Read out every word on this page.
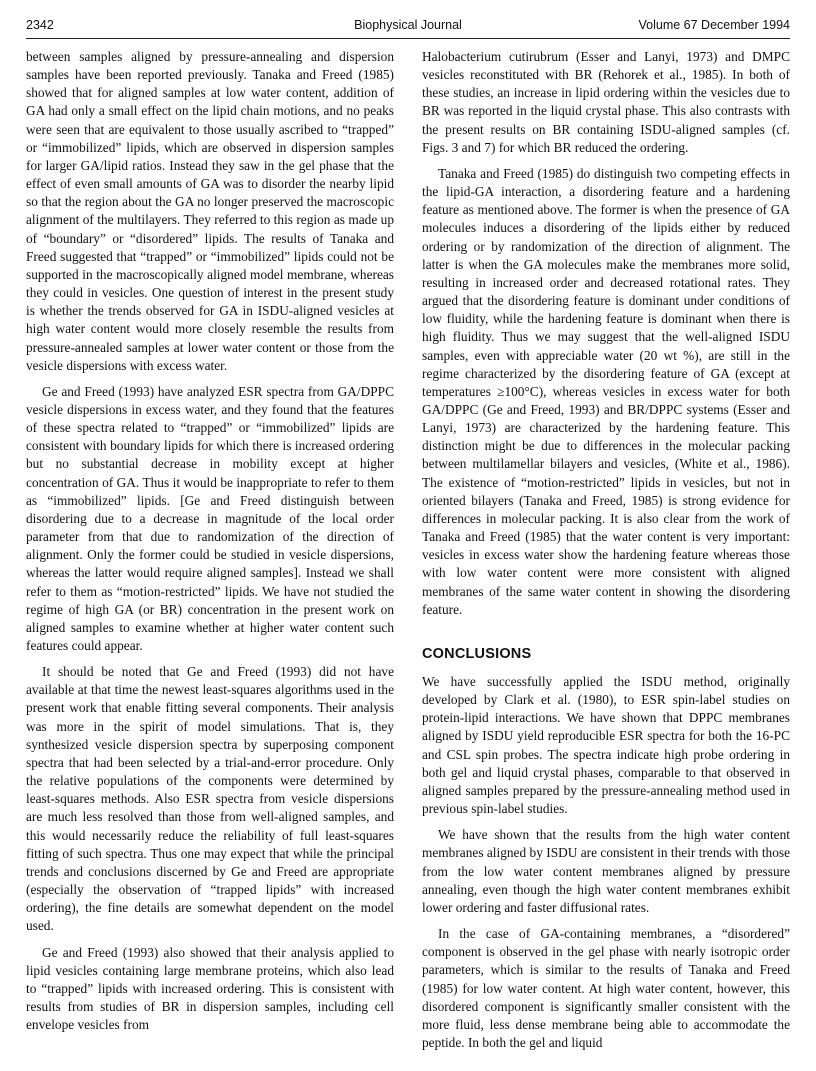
2342	Biophysical Journal	Volume 67 December 1994

between samples aligned by pressure-annealing and dispersion samples have been reported previously. Tanaka and Freed (1985) showed that for aligned samples at low water content, addition of GA had only a small effect on the lipid chain motions, and no peaks were seen that are equivalent to those usually ascribed to “trapped” or “immobilized” lipids, which are observed in dispersion samples for larger GA/lipid ratios. Instead they saw in the gel phase that the effect of even small amounts of GA was to disorder the nearby lipid so that the region about the GA no longer preserved the macroscopic alignment of the multilayers. They referred to this region as made up of “boundary” or “disordered” lipids. The results of Tanaka and Freed suggested that “trapped” or “immobilized” lipids could not be supported in the macroscopically aligned model membrane, whereas they could in vesicles. One question of interest in the present study is whether the trends observed for GA in ISDU-aligned vesicles at high water content would more closely resemble the results from pressure-annealed samples at lower water content or those from the vesicle dispersions with excess water.

Ge and Freed (1993) have analyzed ESR spectra from GA/DPPC vesicle dispersions in excess water, and they found that the features of these spectra related to “trapped” or “immobilized” lipids are consistent with boundary lipids for which there is increased ordering but no substantial decrease in mobility except at higher concentration of GA. Thus it would be inappropriate to refer to them as “immobilized” lipids. [Ge and Freed distinguish between disordering due to a decrease in magnitude of the local order parameter from that due to randomization of the direction of alignment. Only the former could be studied in vesicle dispersions, whereas the latter would require aligned samples]. Instead we shall refer to them as “motion-restricted” lipids. We have not studied the regime of high GA (or BR) concentration in the present work on aligned samples to examine whether at higher water content such features could appear.

It should be noted that Ge and Freed (1993) did not have available at that time the newest least-squares algorithms used in the present work that enable fitting several components. Their analysis was more in the spirit of model simulations. That is, they synthesized vesicle dispersion spectra by superposing component spectra that had been selected by a trial-and-error procedure. Only the relative populations of the components were determined by least-squares methods. Also ESR spectra from vesicle dispersions are much less resolved than those from well-aligned samples, and this would necessarily reduce the reliability of full least-squares fitting of such spectra. Thus one may expect that while the principal trends and conclusions discerned by Ge and Freed are appropriate (especially the observation of “trapped lipids” with increased ordering), the fine details are somewhat dependent on the model used.

Ge and Freed (1993) also showed that their analysis applied to lipid vesicles containing large membrane proteins, which also lead to “trapped” lipids with increased ordering. This is consistent with results from studies of BR in dispersion samples, including cell envelope vesicles from

Halobacterium cutirubrum (Esser and Lanyi, 1973) and DMPC vesicles reconstituted with BR (Rehorek et al., 1985). In both of these studies, an increase in lipid ordering within the vesicles due to BR was reported in the liquid crystal phase. This also contrasts with the present results on BR containing ISDU-aligned samples (cf. Figs. 3 and 7) for which BR reduced the ordering.

Tanaka and Freed (1985) do distinguish two competing effects in the lipid-GA interaction, a disordering feature and a hardening feature as mentioned above. The former is when the presence of GA molecules induces a disordering of the lipids either by reduced ordering or by randomization of the direction of alignment. The latter is when the GA molecules make the membranes more solid, resulting in increased order and decreased rotational rates. They argued that the disordering feature is dominant under conditions of low fluidity, while the hardening feature is dominant when there is high fluidity. Thus we may suggest that the well-aligned ISDU samples, even with appreciable water (20 wt %), are still in the regime characterized by the disordering feature of GA (except at temperatures ≥100°C), whereas vesicles in excess water for both GA/DPPC (Ge and Freed, 1993) and BR/DPPC systems (Esser and Lanyi, 1973) are characterized by the hardening feature. This distinction might be due to differences in the molecular packing between multilamellar bilayers and vesicles, (White et al., 1986). The existence of “motion-restricted” lipids in vesicles, but not in oriented bilayers (Tanaka and Freed, 1985) is strong evidence for differences in molecular packing. It is also clear from the work of Tanaka and Freed (1985) that the water content is very important: vesicles in excess water show the hardening feature whereas those with low water content were more consistent with aligned membranes of the same water content in showing the disordering feature.

CONCLUSIONS

We have successfully applied the ISDU method, originally developed by Clark et al. (1980), to ESR spin-label studies on protein-lipid interactions. We have shown that DPPC membranes aligned by ISDU yield reproducible ESR spectra for both the 16-PC and CSL spin probes. The spectra indicate high probe ordering in both gel and liquid crystal phases, comparable to that observed in aligned samples prepared by the pressure-annealing method used in previous spin-label studies.

We have shown that the results from the high water content membranes aligned by ISDU are consistent in their trends with those from the low water content membranes aligned by pressure annealing, even though the high water content membranes exhibit lower ordering and faster diffusional rates.

In the case of GA-containing membranes, a “disordered” component is observed in the gel phase with nearly isotropic order parameters, which is similar to the results of Tanaka and Freed (1985) for low water content. At high water content, however, this disordered component is significantly smaller consistent with the more fluid, less dense membrane being able to accommodate the peptide. In both the gel and liquid
